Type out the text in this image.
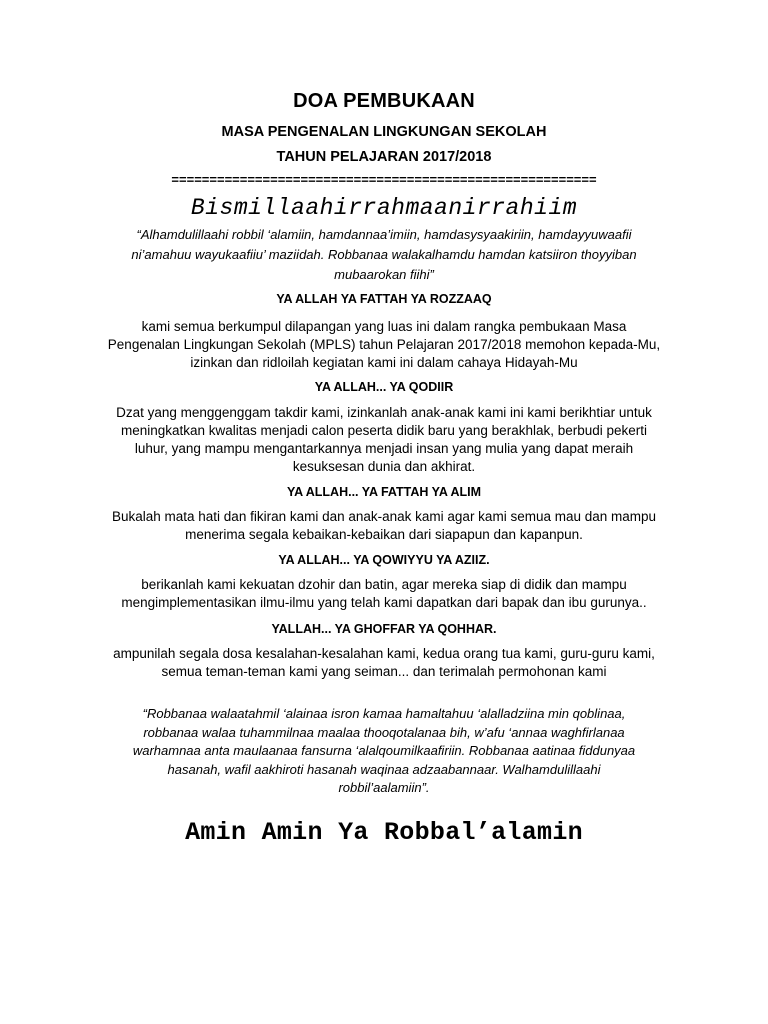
DOA PEMBUKAAN
MASA PENGENALAN LINGKUNGAN SEKOLAH
TAHUN PELAJARAN 2017/2018
========================================================
Bismillaahirrahmaanirrahiim
“Alhamdulillaahi robbil ‘alamiin, hamdannaa’imiin, hamdasysyaakiriin, hamdayyuwaafii
ni’amahuu wayukaafiiu’ maziidah. Robbanaa walakalhamdu hamdan katsiiron thoyyiban
mubaarokan fiihi”
YA ALLAH YA FATTAH YA ROZZAAQ
kami semua berkumpul dilapangan yang luas ini dalam rangka pembukaan Masa
Pengenalan Lingkungan Sekolah (MPLS) tahun Pelajaran 2017/2018 memohon kepada-Mu,
izinkan dan ridloilah kegiatan kami ini dalam cahaya Hidayah-Mu
YA ALLAH... YA QODIIR
Dzat yang menggenggam takdir kami, izinkanlah anak-anak kami ini kami berikhtiar untuk
meningkatkan kwalitas menjadi calon peserta didik baru yang berakhlak, berbudi pekerti
luhur, yang mampu mengantarkannya menjadi insan yang mulia yang dapat meraih
kesuksesan dunia dan akhirat.
YA ALLAH... YA FATTAH YA ALIM
Bukalah mata hati dan fikiran kami dan anak-anak kami agar kami semua mau dan mampu
menerima segala kebaikan-kebaikan dari siapapun dan kapanpun.
YA ALLAH... YA QOWIYYU YA AZIIZ.
berikanlah kami kekuatan dzohir dan batin, agar mereka siap di didik dan mampu
mengimplementasikan ilmu-ilmu yang telah kami dapatkan dari bapak dan ibu gurunya..
YALLAH... YA GHOFFAR YA QOHHAR.
ampunilah segala dosa kesalahan-kesalahan kami, kedua orang tua kami, guru-guru kami,
semua teman-teman kami yang seiman... dan terimalah permohonan kami
“Robbanaa walaatahmil ‘alainaa isron kamaa hamaltahuu ‘alalladziina min qoblinaa,
robbanaa walaa tuhammilnaa maalaa thooqotalanaa bih, w’afu ‘annaa waghfirlanaa
warhamnaa anta maulaanaa fansurna ‘alalqoumilkaafiriin. Robbanaa aatinaa fiddunyaa
hasanah, wafil aakhiroti hasanah waqinaa adzaabannaar. Walhamdulillaahi
robbil’aalamiin”.
Amin Amin Ya Robbal’alamin
